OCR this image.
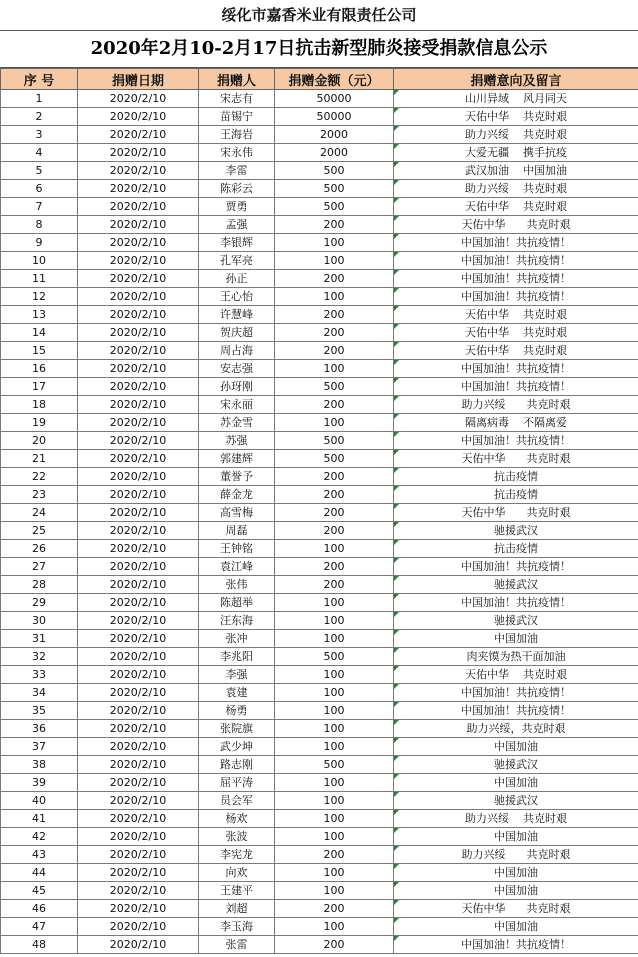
绥化市嘉香米业有限责任公司
2020年2月10-2月17日抗击新型肺炎接受捐款信息公示
序 号	捐赠日期	捐赠人	捐赠金额（元）	捐赠意向及留言
1	2020/2/10	宋志有	50000	山川异域    风月同天
2	2020/2/10	苗锡宁	50000	天佑中华    共克时艰
3	2020/2/10	王海岩	2000	助力兴绥    共克时艰
4	2020/2/10	宋永伟	2000	大爱无疆    携手抗疫
5	2020/2/10	李雷	500	武汉加油    中国加油
6	2020/2/10	陈彩云	500	助力兴绥    共克时艰
7	2020/2/10	贾勇	500	天佑中华    共克时艰
8	2020/2/10	孟强	200	天佑中华      共克时艰
9	2020/2/10	李银辉	100	中国加油！共抗疫情！
10	2020/2/10	孔军亮	100	中国加油！共抗疫情！
11	2020/2/10	孙正	200	中国加油！共抗疫情！
12	2020/2/10	王心怡	100	中国加油！共抗疫情！
13	2020/2/10	许慧峰	200	天佑中华    共克时艰
14	2020/2/10	贺庆超	200	天佑中华    共克时艰
15	2020/2/10	周占海	200	天佑中华    共克时艰
16	2020/2/10	安志强	100	中国加油！共抗疫情！
17	2020/2/10	孙玡刚	500	中国加油！共抗疫情！
18	2020/2/10	宋永丽	200	助力兴绥      共克时艰
19	2020/2/10	苏金雪	100	隔离病毒    不隔离爱
20	2020/2/10	苏强	500	中国加油！共抗疫情！
21	2020/2/10	郭建辉	500	天佑中华      共克时艰
22	2020/2/10	董誉予	200	抗击疫情
23	2020/2/10	薛金龙	200	抗击疫情
24	2020/2/10	高雪梅	200	天佑中华      共克时艰
25	2020/2/10	周磊	200	驰援武汉
26	2020/2/10	王钟铭	100	抗击疫情
27	2020/2/10	袁江峰	200	中国加油！共抗疫情！
28	2020/2/10	张伟	200	驰援武汉
29	2020/2/10	陈超举	100	中国加油！共抗疫情！
30	2020/2/10	汪东海	100	驰援武汉
31	2020/2/10	张冲	100	中国加油
32	2020/2/10	李兆阳	500	肉夹馍为热干面加油
33	2020/2/10	李强	100	天佑中华    共克时艰
34	2020/2/10	袁建	100	中国加油！共抗疫情！
35	2020/2/10	杨勇	100	中国加油！共抗疫情！
36	2020/2/10	张院旗	100	助力兴绥，共克时艰
37	2020/2/10	武少坤	100	中国加油
38	2020/2/10	路志刚	500	驰援武汉
39	2020/2/10	屈平涛	100	中国加油
40	2020/2/10	员会军	100	驰援武汉
41	2020/2/10	杨欢	100	助力兴绥    共克时艰
42	2020/2/10	张波	100	中国加油
43	2020/2/10	李宪龙	200	助力兴绥      共克时艰
44	2020/2/10	向欢	100	中国加油
45	2020/2/10	王建平	100	中国加油
46	2020/2/10	刘超	200	天佑中华      共克时艰
47	2020/2/10	李玉海	100	中国加油
48	2020/2/10	张雷	200	中国加油！共抗疫情！
